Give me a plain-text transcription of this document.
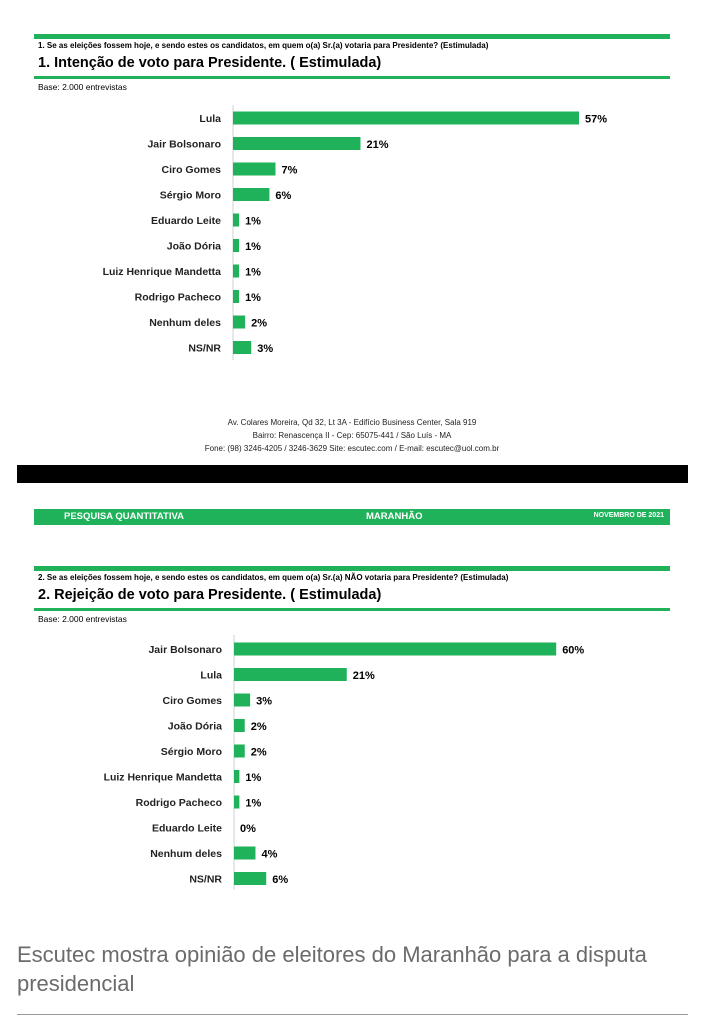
1. Se as eleições fossem hoje, e sendo estes os candidatos, em quem o(a) Sr.(a) votaria para Presidente? (Estimulada)
1. Intenção de voto para Presidente. ( Estimulada)
Base: 2.000 entrevistas
Lula	57%
Jair Bolsonaro	21%
Ciro Gomes	7%
Sérgio Moro	6%
Eduardo Leite 1%
João Dória 1%
Luiz Henrique Mandetta 1%
Rodrigo Pacheco 1%
Nenhum deles	2%
NS/NR	3%
Av. Colares Moreira, Qd 32, Lt 3A - Edifício Business Center, Sala 919
Bairro: Renascença II - Cep: 65075-441 / São Luís - MA
Fone: (98) 3246-4205 / 3246-3629 Site: escutec.com / E-mail: escutec@uol.com.br
PESQUISA QUANTITATIVA	MARANHÃO	NOVEMBRO DE 2021
2. Se as eleições fossem hoje, e sendo estes os candidatos, em quem o(a) Sr.(a) NÃO votaria para Presidente? (Estimulada)
2. Rejeição de voto para Presidente. ( Estimulada)
Base: 2.000 entrevistas
Jair Bolsonaro	60%
Lula	21%
Ciro Gomes	3%
João Dória	2%
Sérgio Moro	2%
Luiz Henrique Mandetta 1%
Rodrigo Pacheco 1%
Eduardo Leite 0%
Nenhum deles	4%
NS/NR	6%
Escutec mostra opinião de eleitores do Maranhão para a disputa presidencial
